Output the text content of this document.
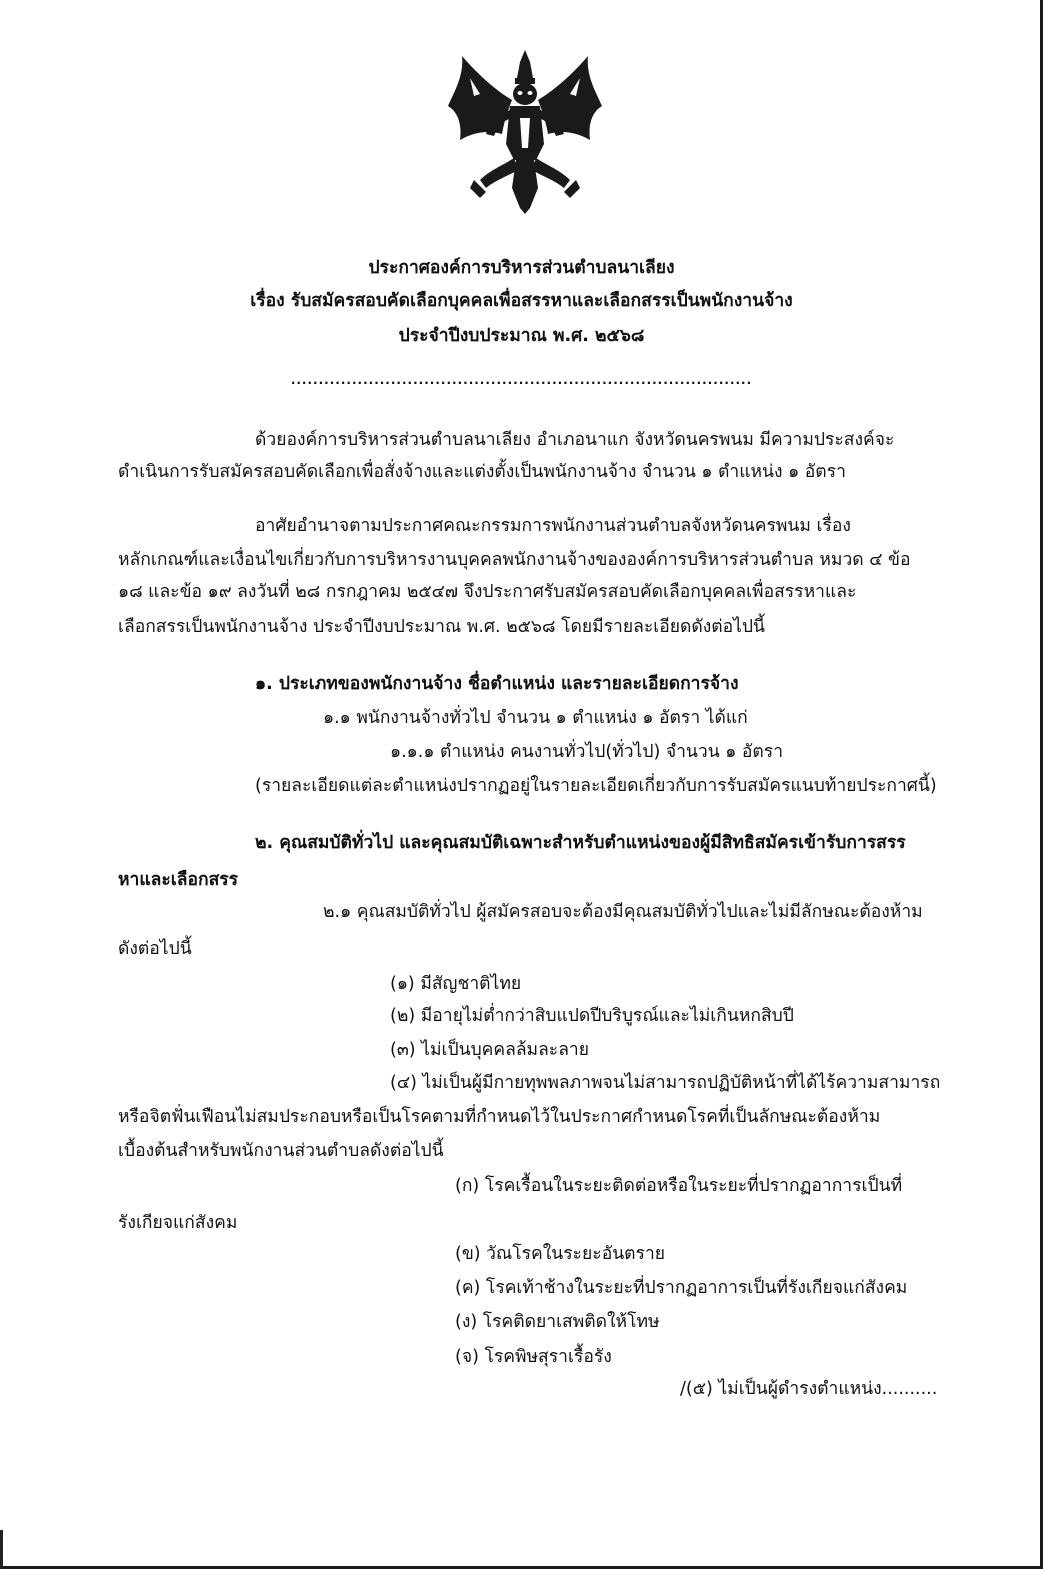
ประกาศองค์การบริหารส่วนตำบลนาเลียง
เรื่อง รับสมัครสอบคัดเลือกบุคคลเพื่อสรรหาและเลือกสรรเป็นพนักงานจ้าง
ประจำปีงบประมาณ พ.ศ. ๒๕๖๘
...................................................................................
ด้วยองค์การบริหารส่วนตำบลนาเลียง อำเภอนาแก จังหวัดนครพนม มีความประสงค์จะ
ดำเนินการรับสมัครสอบคัดเลือกเพื่อสั่งจ้างและแต่งตั้งเป็นพนักงานจ้าง จำนวน ๑ ตำแหน่ง ๑ อัตรา
อาศัยอำนาจตามประกาศคณะกรรมการพนักงานส่วนตำบลจังหวัดนครพนม เรื่อง
หลักเกณฑ์และเงื่อนไขเกี่ยวกับการบริหารงานบุคคลพนักงานจ้างขององค์การบริหารส่วนตำบล หมวด ๔ ข้อ
๑๘ และข้อ ๑๙ ลงวันที่ ๒๘ กรกฎาคม ๒๕๔๗ จึงประกาศรับสมัครสอบคัดเลือกบุคคลเพื่อสรรหาและ
เลือกสรรเป็นพนักงานจ้าง ประจำปีงบประมาณ พ.ศ. ๒๕๖๘ โดยมีรายละเอียดดังต่อไปนี้
๑. ประเภทของพนักงานจ้าง ชื่อตำแหน่ง และรายละเอียดการจ้าง
๑.๑ พนักงานจ้างทั่วไป จำนวน ๑ ตำแหน่ง ๑ อัตรา ได้แก่
๑.๑.๑ ตำแหน่ง คนงานทั่วไป(ทั่วไป) จำนวน ๑ อัตรา
(รายละเอียดแต่ละตำแหน่งปรากฏอยู่ในรายละเอียดเกี่ยวกับการรับสมัครแนบท้ายประกาศนี้)
๒. คุณสมบัติทั่วไป และคุณสมบัติเฉพาะสำหรับตำแหน่งของผู้มีสิทธิสมัครเข้ารับการสรร
หาและเลือกสรร
๒.๑ คุณสมบัติทั่วไป ผู้สมัครสอบจะต้องมีคุณสมบัติทั่วไปและไม่มีลักษณะต้องห้าม
ดังต่อไปนี้
(๑) มีสัญชาติไทย
(๒) มีอายุไม่ต่ำกว่าสิบแปดปีบริบูรณ์และไม่เกินหกสิบปี
(๓) ไม่เป็นบุคคลล้มละลาย
(๔) ไม่เป็นผู้มีกายทุพพลภาพจนไม่สามารถปฏิบัติหน้าที่ได้ไร้ความสามารถ
หรือจิตฟั่นเฟือนไม่สมประกอบหรือเป็นโรคตามที่กำหนดไว้ในประกาศกำหนดโรคที่เป็นลักษณะต้องห้าม
เบื้องต้นสำหรับพนักงานส่วนตำบลดังต่อไปนี้
(ก) โรคเรื้อนในระยะติดต่อหรือในระยะที่ปรากฏอาการเป็นที่
รังเกียจแก่สังคม
(ข) วัณโรคในระยะอันตราย
(ค) โรคเท้าช้างในระยะที่ปรากฏอาการเป็นที่รังเกียจแก่สังคม
(ง) โรคติดยาเสพติดให้โทษ
(จ) โรคพิษสุราเรื้อรัง
/(๕) ไม่เป็นผู้ดำรงตำแหน่ง..........
